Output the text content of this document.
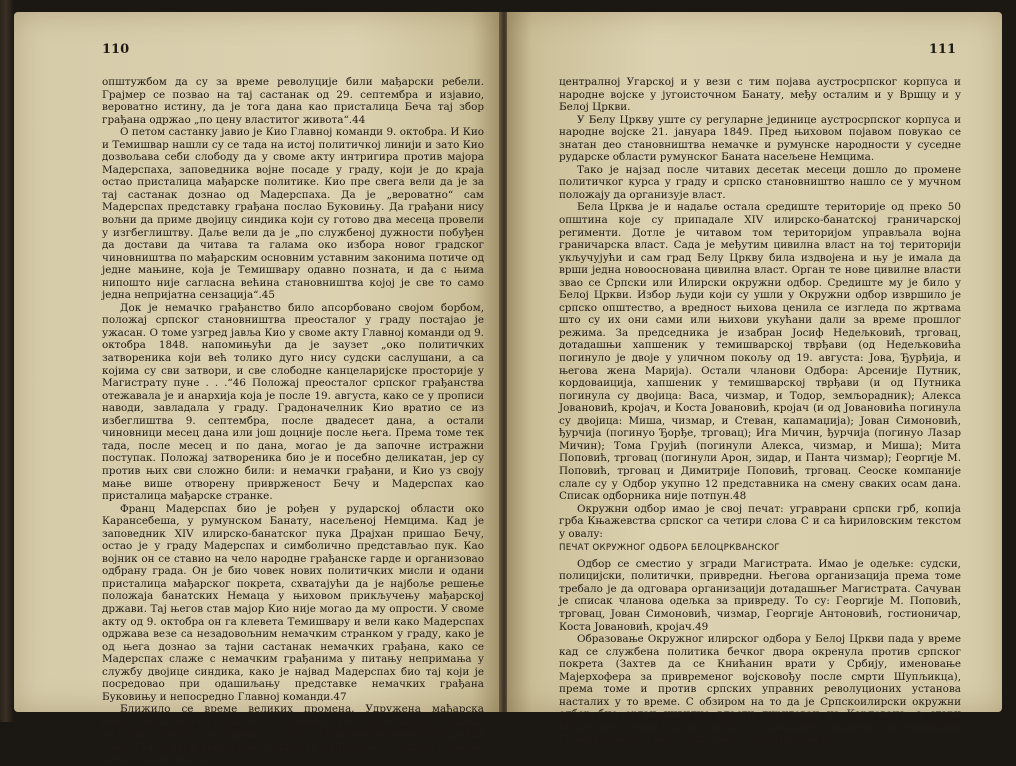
110

општужбом да су за време револуције били мађарски ребели. Грајмер се позвао на тај састанак од 29. септембра и изјавио, вероватно истину, да је тога дана као присталица Беча тај збор грађана одржао „по цену властитог живота“.44

О петом састанку јавио је Кио Главној команди 9. октобра. И Кио и Темишвар нашли су се тада на истој политичкој линији и зато Кио дозвољава себи слободу да у своме акту интригира против мајора Мадерспаха, заповедника војне посаде у граду, који је до краја остао присталица мађарске политике. Кио пре свега вели да је за тај састанак дознао од Мадерспаха. Да је „вероватно“ сам Мадерспах представку грађана послао Буковињу. Да грађани нису вољни да приме двојицу синдика који су готово два месеца провели у изгбеглиштву. Даље вели да је „по службеној дужности побуђен да достави да читава та галама око избора новог градског чиновништва по мађарским основним уставним законима потиче од једне мањине, која је Темишвару одавно позната, и да с њима нипошто није сагласна већина становништва којој је све то само једна непријатна сензација“.45

Док је немачко грађанство било апсорбовано својом борбом, положај српског становништва преосталог у граду постајао је ужасан. О томе узгред јавља Кио у своме акту Главној команди од 9. октобра 1848. напомињући да је заузет „око политичких затвореника који већ толико дуго нису судски саслушани, а са којима су сви затвори, и све слободне канцеларијске просторије у Магистрату пуне . . .“46 Положај преосталог српског грађанства отежавала је и анархија која је после 19. августа, како се у прописи наводи, завладала у граду. Градоначелник Кио вратио се из избеглиштва 9. септембра, после двадесет дана, а остали чиновници месец дана или још доцније после њега. Према томе тек тада, после месец и по дана, могао је да започне истражни поступак. Положај затвореника био је и посебно деликатан, јер су против њих сви сложно били: и немачки грађани, и Кио уз своју мање више отворену привржeност Бечу и Мадерспах као присталица мађарске странке.

Франц Мадерспах био је рођен у рударској области око Карансебеша, у румунском Банату, насељеној Немцима. Кад је заповедник XIV илирско-банатског пука Драјхан пришао Бечу, остао је у граду Мадерспах и симболично представљао пук. Као војник он се ставио на чело народне грађанске гарде и организовао одбрану града. Он је био човек нових политичких мисли и одани присталица мађарског покрета, схватајући да је најбоље решење положаја банатских Немаца у њиховом прикључењу мађарској држави. Тај његов став мајор Кио није могао да му опрости. У своме акту од 9. октобра он га клевета Темишвару и вели како Мадерспах одржава везе са незадовољним немачким странком у граду, како је од њега дознао за тајни састанак немачких грађана, како се Мадерспах слаже с немачким грађанима у питању непримања у службу двојице синдика, како је највад Мадерспах био тај који је посредовао при одашиљању представке немачких грађана Буковињу и непосредно Главној команди.47

Ближило се време великих промена. Удружена мађарска револуционa војска у Банату, у децембру 1848, палећи и пустошећи за собом српска села, прешла је пут до Панчева и првих јануарских дана 1849. пред Панчевом доживела свој слом. Следило је њено хитно повлачење ка

111

централној Угарској и у вези с тим појава аустросрпског корпуса и народне војске у југоисточном Банату, међу осталим и у Вршцу и у Белој Цркви.

У Белу Цркву уште су регуларне јединице аустросрпског корпуса и народне војске 21. јануара 1849. Пред њиховом појавом повукао се знатан део становништва немачке и румунске народности у суседне рударске области румунског Баната насељене Немцима.

Тако је најзад после читавих десетак месеци дошло до промене политичког курса у граду и српско становништво нашло се у мучном положају да организује власт.

Бела Црква је и надаље остала средиште територије од преко 50 општина које су припадале XIV илирско-банатској граничарској регименти. Дотле је читавом том територијом управљала војна граничарска власт. Сада је међутим цивилна власт на тој територији укључујући и сам град Белу Цркву била издвојена и њу је имала да врши једна новоoснована цивилна власт. Орган те нове цивилне власти звао се Српски или Илирски окружни одбор. Средиште му је било у Белој Цркви. Избор људи који су ушли у Окружни одбор извршило је српско општество, а вредност њихова ценила се изгледа по жртвама што су их они сами или њихови укућани дали за време прошлог режима. За председника је изабран Јосиф Недељковић, трговац, дотадашњи хапшеник у темишварској тврђави (од Недељковића погинуло је двоје у уличном покољу од 19. августа: Јова, Ђурђија, и његова жена Марија). Остали чланови Одбора: Арсеније Путник, кордоваиција, хапшеник у темишварској тврђави (и од Путника погинула су двојица: Васа, чизмар, и Тодор, земљорадник); Алекса Јовановић, кројач, и Коста Јовановић, кројач (и од Јовановића погинула су двојица: Миша, чизмар, и Стеван, капамаџија); Јован Симоновић, ђурчија (погинуо Ђорђе, трговац); Ига Мичин, ђурчија (погинуо Лазар Мичин); Тома Грујић (погинули Алекса, чизмар, и Миша); Мита Поповић, трговац (погинули Арон, зидар, и Панта чизмар); Георгије М. Поповић, трговац и Димитрије Поповић, трговац. Сеоске компаније слале су у Одбор укупно 12 представника на смену сваких осам дана. Списак одборника није потпун.48

Окружни одбор имао је свој печат: уграврани српски грб, копија грба Књажевства српског са четири слова С и са ћириловским текстом у овалу:

ПЕЧАТ ОКРУЖНОГ ОДБОРА БЕЛОЦРКВАНСКОГ

Одбор се сместио у згради Магистрата. Имао је одељке: судски, полицијски, политички, привредни. Његова организација према томе требало је да одговара организацији дотадашњег Магистрата. Сачуван је списак чланова одељка за привреду. То су: Георгије М. Поповић, трговац, Јован Симоновић, чизмар, Георгије Антоновић, гостионичар, Коста Јовановић, кројач.49

Образовање Окружног илирског одбора у Белој Цркви пада у време кад се службена политика бечког двора окренула против српског покрета (Захтев да се Книћанин врати у Србију, именовање Мајерхофера за привременог војсковођу после смрти Шупљикца), према томе и против српских управних револуционих установа насталих у то време. С обзиром на то да је Српскоилирски окружни одбор био орган цивилне власти диригован из Карловаца, а стари Магистрат војни орган који је припадао управној организацији Границе, било је места одржању обеју тих власти,
